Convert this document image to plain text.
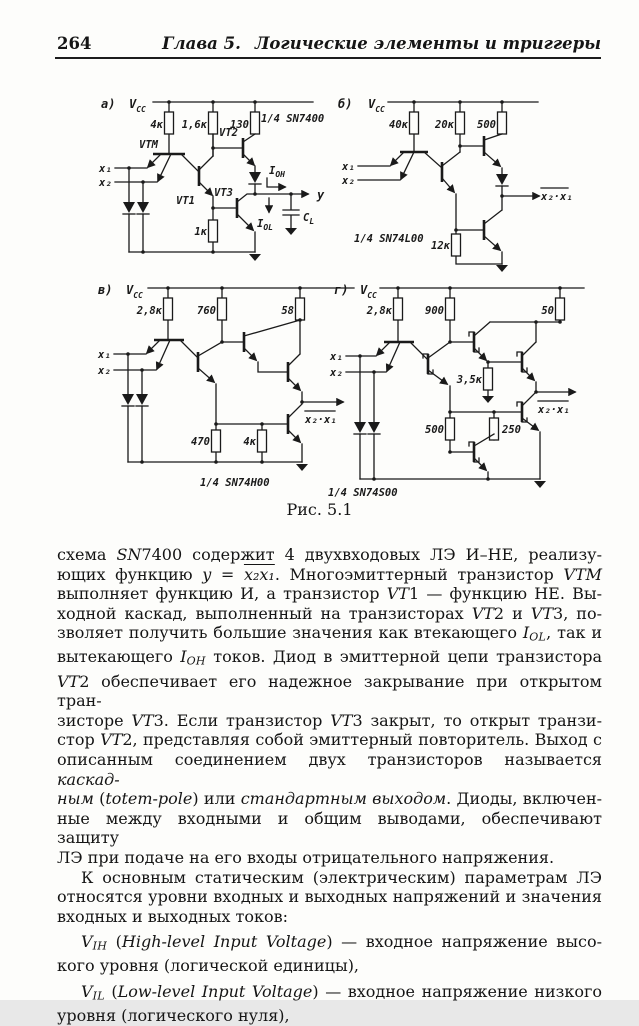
264	Глава 5. Логические элементы и триггеры
а) $V_{CC}$
4к 1,6к 130
VTM
x₁
x₂
1к
VT1
VT2
VT3	y
$I_{OH}$
$I_{OL}$
$C_L$
1/4 SN7400
б) $V_{CC}$
40к	20к 500
x₁
x₂
12к
x₂·x₁
1/4 SN74L00
в) $V_{CC}$
2,8к	760	58
x₁
x₂
x₂·x₁
470	4к
1/4 SN74H00
г) $V_{CC}$
2,8к	900	50
x₁
x₂
3,5к
x₂·x₁
500	250
1/4 SN74S00
Рис. 5.1
схема SN7400 содержит 4 двухвходовых ЛЭ И–НЕ, реализу-
ющих функцию y = x₂x₁. Многоэмиттерный транзистор VTM
выполняет функцию И, а транзистор VT1 — функцию НЕ. Вы-
ходной каскад, выполненный на транзисторах VT2 и VT3, по-
зволяет получить большие значения как втекающего IOL, так и
вытекающего IOH токов. Диод в эмиттерной цепи транзистора
VT2 обеспечивает его надежное закрывание при открытом тран-
зисторе VT3. Если транзистор VT3 закрыт, то открыт транзи-
стор VT2, представляя собой эмиттерный повторитель. Выход с
описанным соединением двух транзисторов называется каскад-
ным (totem-pole) или стандартным выходом. Диоды, включен-
ные между входными и общим выводами, обеспечивают защиту
ЛЭ при подаче на его входы отрицательного напряжения.
К основным статическим (электрическим) параметрам ЛЭ
относятся уровни входных и выходных напряжений и значения
входных и выходных токов:
VIH (High-level Input Voltage) — входное напряжение высо-
кого уровня (логической единицы),
VIL (Low-level Input Voltage) — входное напряжение низкого
уровня (логического нуля),
